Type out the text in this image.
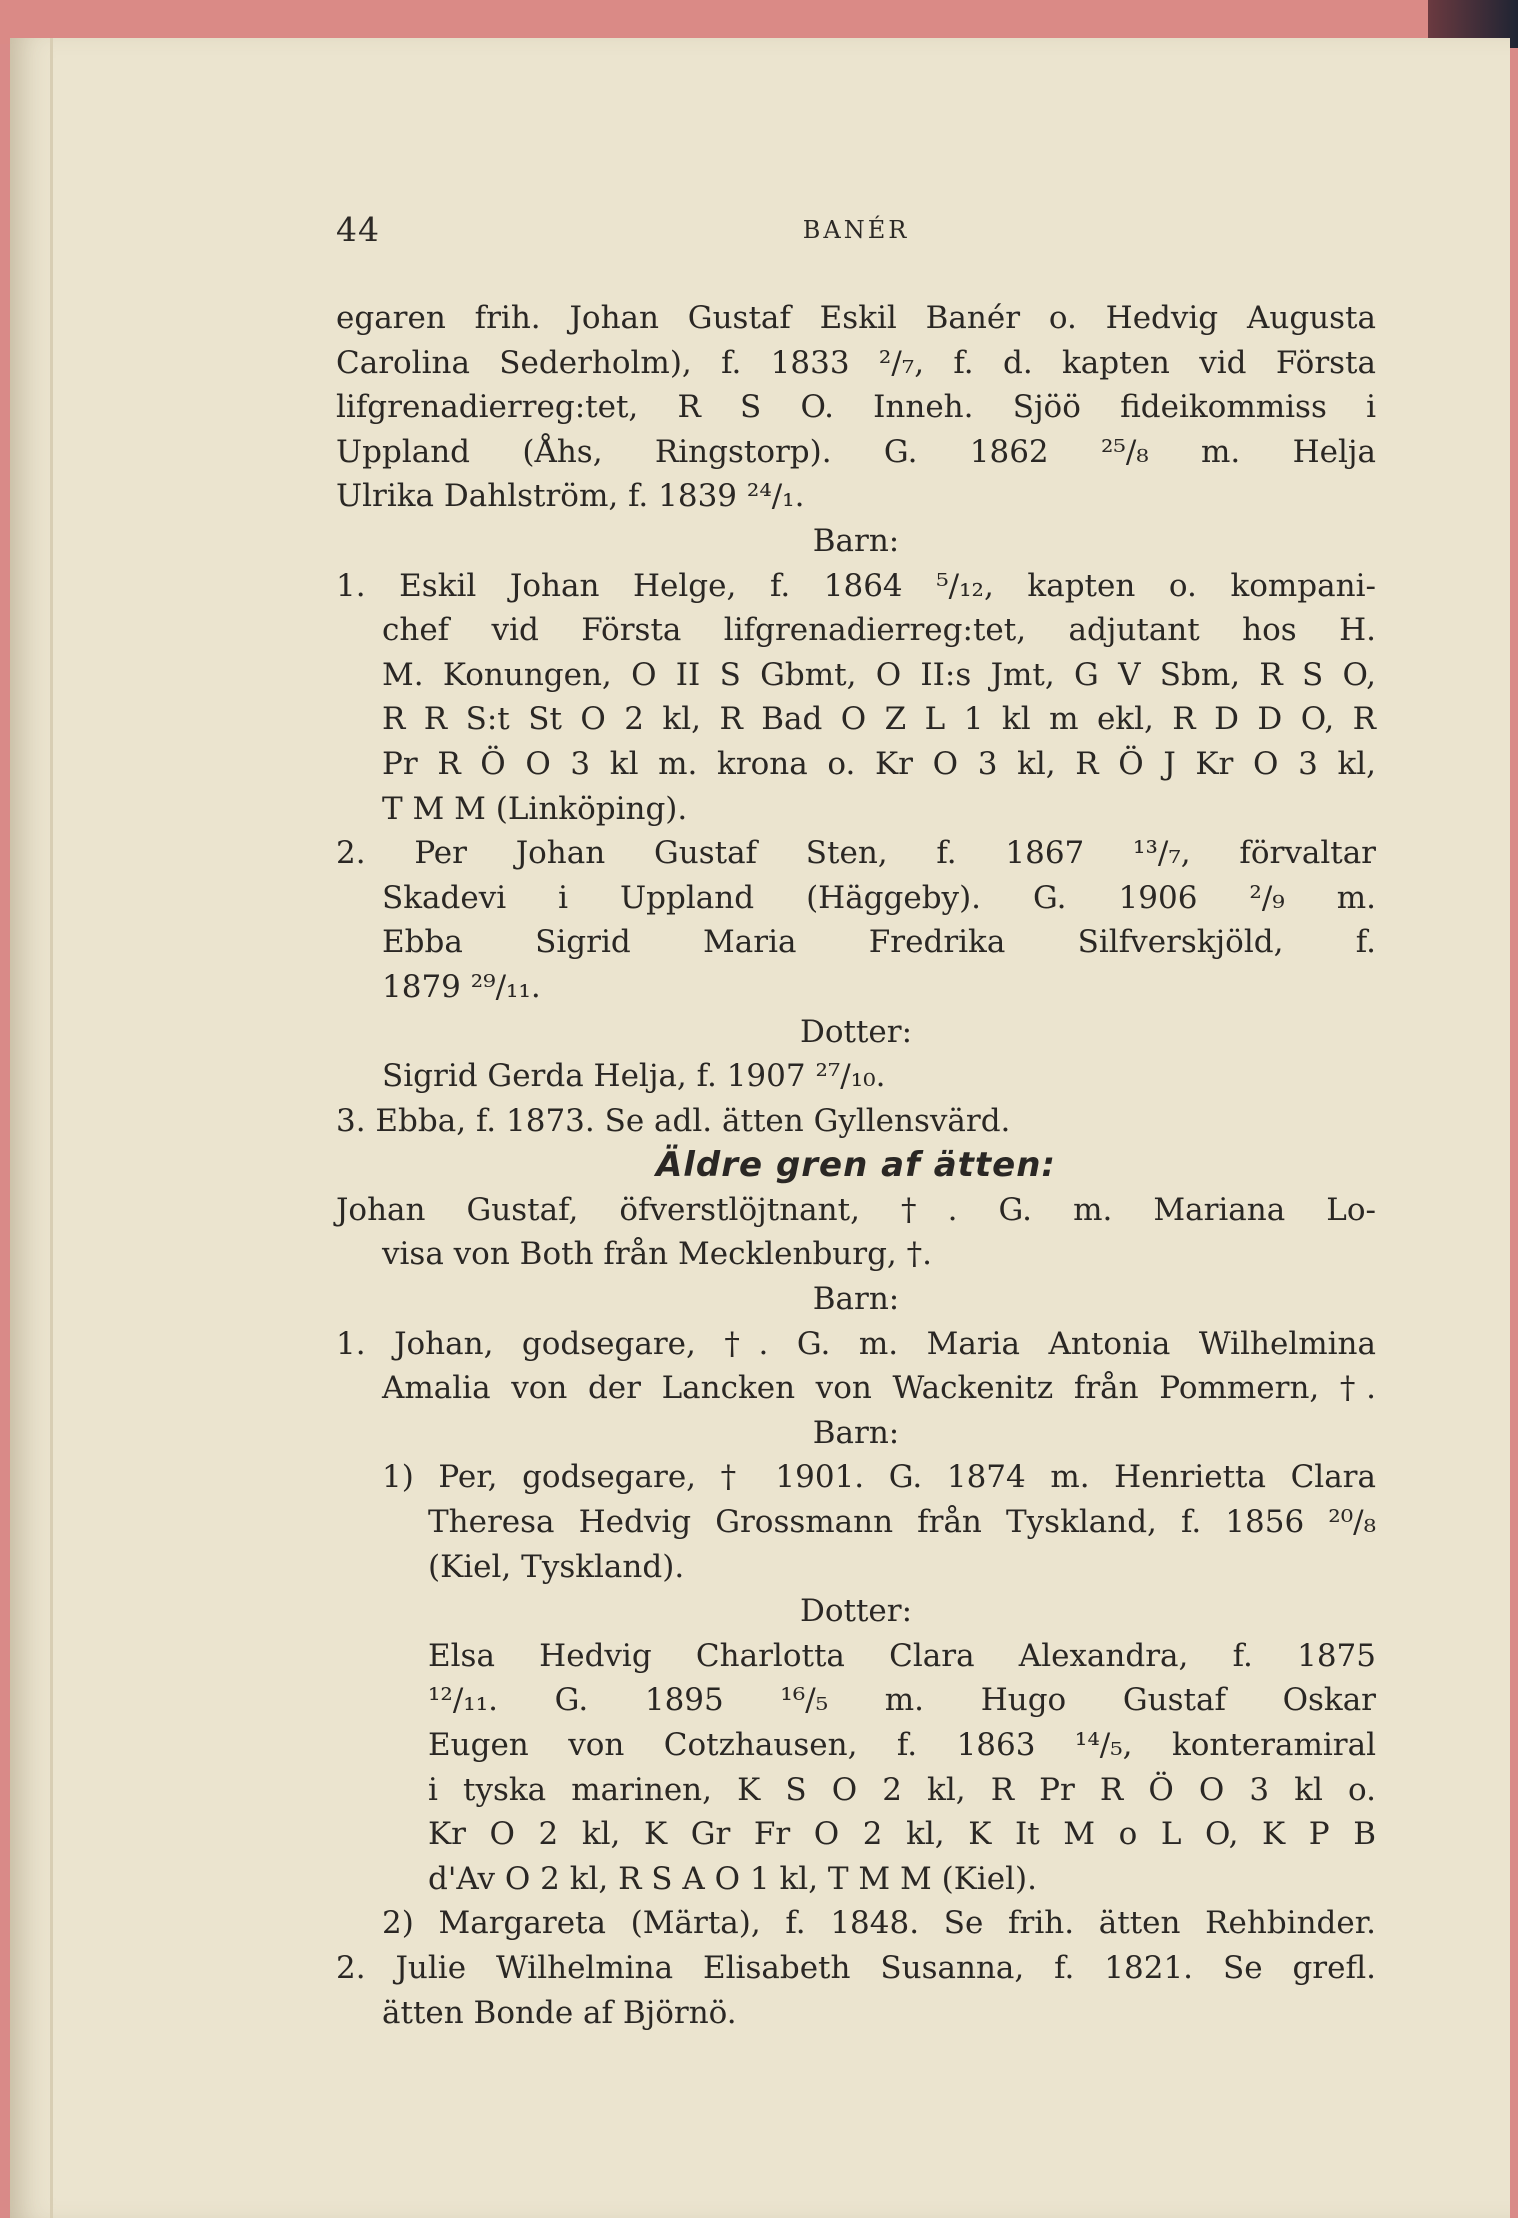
44	BANÉR
egaren frih. Johan Gustaf Eskil Banér o. Hedvig Augusta
Carolina Sederholm), f. 1833 ²/₇, f. d. kapten vid Första
lifgrenadierreg:tet, R S O. Inneh. Sjöö fideikommiss i
Uppland (Åhs, Ringstorp). G. 1862 ²⁵/₈ m. Helja
Ulrika Dahlström, f. 1839 ²⁴/₁.
Barn:
1. Eskil Johan Helge, f. 1864 ⁵/₁₂, kapten o. kompani-
chef vid Första lifgrenadierreg:tet, adjutant hos H.
M. Konungen, O II S Gbmt, O II:s Jmt, G V Sbm, R S O,
R R S:t St O 2 kl, R Bad O Z L 1 kl m ekl, R D D O, R
Pr R Ö O 3 kl m. krona o. Kr O 3 kl, R Ö J Kr O 3 kl,
T M M (Linköping).
2. Per Johan Gustaf Sten, f. 1867 ¹³/₇, förvaltar
Skadevi i Uppland (Häggeby). G. 1906 ²/₉ m.
Ebba Sigrid Maria Fredrika Silfverskjöld, f.
1879 ²⁹/₁₁.
Dotter:
Sigrid Gerda Helja, f. 1907 ²⁷/₁₀.
3. Ebba, f. 1873. Se adl. ätten Gyllensvärd.
Äldre gren af ätten:
Johan Gustaf, öfverstlöjtnant, †. G. m. Mariana Lo-
visa von Both från Mecklenburg, †.
Barn:
1. Johan, godsegare, †. G. m. Maria Antonia Wilhelmina
Amalia von der Lancken von Wackenitz från Pommern, †.
Barn:
1) Per, godsegare, † 1901. G. 1874 m. Henrietta Clara
Theresa Hedvig Grossmann från Tyskland, f. 1856 ²⁰/₈
(Kiel, Tyskland).
Dotter:
Elsa Hedvig Charlotta Clara Alexandra, f. 1875
¹²/₁₁. G. 1895 ¹⁶/₅ m. Hugo Gustaf Oskar
Eugen von Cotzhausen, f. 1863 ¹⁴/₅, konteramiral
i tyska marinen, K S O 2 kl, R Pr R Ö O 3 kl o.
Kr O 2 kl, K Gr Fr O 2 kl, K It M o L O, K P B
d'Av O 2 kl, R S A O 1 kl, T M M (Kiel).
2) Margareta (Märta), f. 1848. Se frih. ätten Rehbinder.
2. Julie Wilhelmina Elisabeth Susanna, f. 1821. Se grefl.
ätten Bonde af Björnö.
